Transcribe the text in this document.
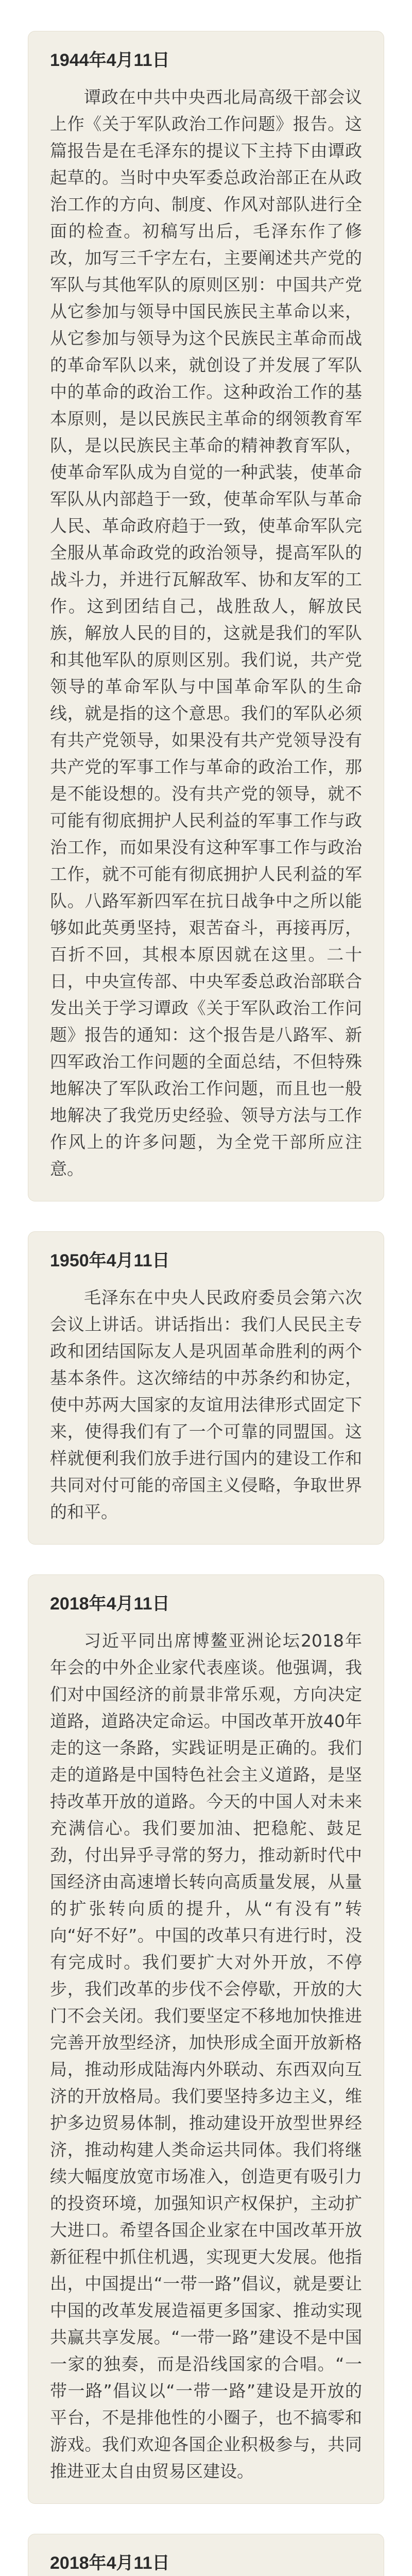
1944年4月11日

谭政在中共中央西北局高级干部会议上作《关于军队政治工作问题》报告。这篇报告是在毛泽东的提议下主持下由谭政起草的。当时中央军委总政治部正在从政治工作的方向、制度、作风对部队进行全面的检查。初稿写出后，毛泽东作了修改，加写三千字左右，主要阐述共产党的军队与其他军队的原则区别：中国共产党从它参加与领导中国民族民主革命以来，从它参加与领导为这个民族民主革命而战的革命军队以来，就创设了并发展了军队中的革命的政治工作。这种政治工作的基本原则，是以民族民主革命的纲领教育军队，是以民族民主革命的精神教育军队，使革命军队成为自觉的一种武装，使革命军队从内部趋于一致，使革命军队与革命人民、革命政府趋于一致，使革命军队完全服从革命政党的政治领导，提高军队的战斗力，并进行瓦解敌军、协和友军的工作。这到团结自己，战胜敌人，解放民族，解放人民的目的，这就是我们的军队和其他军队的原则区别。我们说，共产党领导的革命军队与中国革命军队的生命线，就是指的这个意思。我们的军队必须有共产党领导，如果没有共产党领导没有共产党的军事工作与革命的政治工作，那是不能设想的。没有共产党的领导，就不可能有彻底拥护人民利益的军事工作与政治工作，而如果没有这种军事工作与政治工作，就不可能有彻底拥护人民利益的军队。八路军新四军在抗日战争中之所以能够如此英勇坚持，艰苦奋斗，再接再厉，百折不回，其根本原因就在这里。二十日，中央宣传部、中央军委总政治部联合发出关于学习谭政《关于军队政治工作问题》报告的通知：这个报告是八路军、新四军政治工作问题的全面总结，不但特殊地解决了军队政治工作问题，而且也一般地解决了我党历史经验、领导方法与工作作风上的许多问题，为全党干部所应注意。

1950年4月11日

毛泽东在中央人民政府委员会第六次会议上讲话。讲话指出：我们人民民主专政和团结国际友人是巩固革命胜利的两个基本条件。这次缔结的中苏条约和协定，使中苏两大国家的友谊用法律形式固定下来，使得我们有了一个可靠的同盟国。这样就便利我们放手进行国内的建设工作和共同对付可能的帝国主义侵略，争取世界的和平。

2018年4月11日

习近平同出席博鳌亚洲论坛2018年年会的中外企业家代表座谈。他强调，我们对中国经济的前景非常乐观，方向决定道路，道路决定命运。中国改革开放40年走的这一条路，实践证明是正确的。我们走的道路是中国特色社会主义道路，是坚持改革开放的道路。今天的中国人对未来充满信心。我们要加油、把稳舵、鼓足劲，付出异乎寻常的努力，推动新时代中国经济由高速增长转向高质量发展，从量的扩张转向质的提升，从“有没有”转向“好不好”。中国的改革只有进行时，没有完成时。我们要扩大对外开放，不停步，我们改革的步伐不会停歇，开放的大门不会关闭。我们要坚定不移地加快推进完善开放型经济，加快形成全面开放新格局，推动形成陆海内外联动、东西双向互济的开放格局。我们要坚持多边主义，维护多边贸易体制，推动建设开放型世界经济，推动构建人类命运共同体。我们将继续大幅度放宽市场准入，创造更有吸引力的投资环境，加强知识产权保护，主动扩大进口。希望各国企业家在中国改革开放新征程中抓住机遇，实现更大发展。他指出，中国提出“一带一路”倡议，就是要让中国的改革发展造福更多国家、推动实现共赢共享发展。“一带一路”建设不是中国一家的独奏，而是沿线国家的合唱。“一带一路”倡议以“一带一路”建设是开放的平台，不是排他性的小圈子，也不搞零和游戏。我们欢迎各国企业积极参与，共同推进亚太自由贸易区建设。

2018年4月11日
